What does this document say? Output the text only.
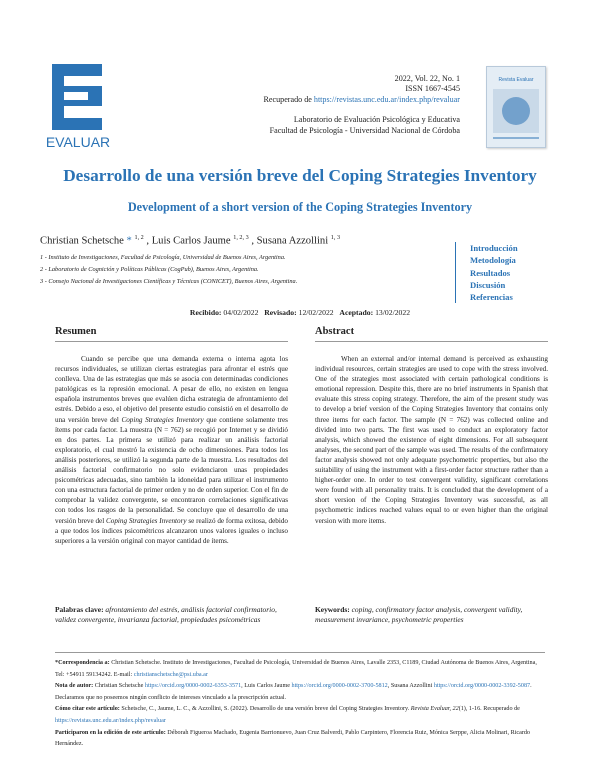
EVALUAR
2022, Vol. 22, No. 1
ISSN 1667-4545
Recuperado de https://revistas.unc.edu.ar/index.php/revaluar
Laboratorio de Evaluación Psicológica y Educativa
Facultad de Psicología - Universidad Nacional de Córdoba
Revista Evaluar
Desarrollo de una versión breve del Coping Strategies Inventory
Development of a short version of the Coping Strategies Inventory
Christian Schetsche * $^{1, 2}$ , Luis Carlos Jaume $^{1, 2, 3}$ , Susana Azzollini $^{1, 3}$
1 - Instituto de Investigaciones, Facultad de Psicología, Universidad de Buenos Aires, Argentina.
2 - Laboratorio de Cognición y Políticas Públicas (CogPub), Buenos Aires, Argentina.
3 - Consejo Nacional de Investigaciones Científicas y Técnicas (CONICET), Buenos Aires, Argentina.
Introducción
Metodología
Resultados
Discusión
Referencias
Recibido: 04/02/2022 Revisado: 12/02/2022 Aceptado: 13/02/2022
Resumen

Cuando se percibe que una demanda externa o interna agota los recursos individuales, se utilizan ciertas estrategias para afrontar el estrés que conlleva. Una de las estrategias que más se asocia con determinadas condiciones patológicas es la represión emocional. A pesar de ello, no existen en lengua española instrumentos breves que evalúen dicha estrategia de afrontamiento del estrés. Debido a eso, el objetivo del presente estudio consistió en el desarrollo de una versión breve del Coping Strategies Inventory que contiene solamente tres ítems por cada factor. La muestra (N = 762) se recogió por Internet y se dividió en dos partes. La primera se utilizó para realizar un análisis factorial exploratorio, el cual mostró la existencia de ocho dimensiones. Para todos los análisis posteriores, se utilizó la segunda parte de la muestra. Los resultados del análisis factorial confirmatorio no solo evidenciaron unas propiedades psicométricas adecuadas, sino también la idoneidad para utilizar el instrumento con una estructura factorial de primer orden y no de orden superior. Con el fin de comprobar la validez convergente, se encontraron correlaciones significativas con todos los rasgos de la personalidad. Se concluye que el desarrollo de una versión breve del Coping Strategies Inventory se realizó de forma exitosa, debido a que todos los índices psicométricos alcanzaron unos valores iguales o incluso superiores a la versión original con mayor cantidad de ítems.

Palabras clave: afrontamiento del estrés, análisis factorial confirmatorio, validez convergente, invarianza factorial, propiedades psicométricas
Abstract

When an external and/or internal demand is perceived as exhausting individual resources, certain strategies are used to cope with the stress involved. One of the strategies most associated with certain pathological conditions is emotional repression. Despite this, there are no brief instruments in Spanish that evaluate this stress coping strategy. Therefore, the aim of the present study was to develop a brief version of the Coping Strategies Inventory that contains only three items for each factor. The sample (N = 762) was collected online and divided into two parts. The first was used to conduct an exploratory factor analysis, which showed the existence of eight dimensions. For all subsequent analyses, the second part of the sample was used. The results of the confirmatory factor analysis showed not only adequate psychometric properties, but also the suitability of using the instrument with a first-order factor structure rather than a higher-order one. In order to test convergent validity, significant correlations were found with all personality traits. It is concluded that the development of a short version of the Coping Strategies Inventory was successful, as all psychometric indices reached values equal to or even higher than the original version with more items.

Keywords: coping, confirmatory factor analysis, convergent validity, measurement invariance, psychometric properties

*Correspondencia a: Christian Schetsche. Instituto de Investigaciones, Facultad de Psicología, Universidad de Buenos Aires, Lavalle 2353, C1189, Ciudad Autónoma de Buenos Aires, Argentina, Tel: +54911 59134242. E-mail: christianschetsche@psi.uba.ar

Nota de autor: Christian Schetsche https://orcid.org/0000-0002-6353-3571, Luis Carlos Jaume https://orcid.org/0000-0002-3700-5812, Susana Azzollini https://orcid.org/0000-0002-3392-5087. Declaramos que no poseemos ningún conflicto de intereses vinculado a la prescripción actual.

Cómo citar este artículo: Schetsche, C., Jaume, L. C., & Azzollini, S. (2022). Desarrollo de una versión breve del Coping Strategies Inventory. Revista Evaluar, 22(1), 1-16. Recuperado de https://revistas.unc.edu.ar/index.php/revaluar

Participaron en la edición de este artículo: Déborah Figueroa Machado, Eugenia Barrionuevo, Juan Cruz Balverdi, Pablo Carpintero, Florencia Ruiz, Mónica Serppe, Alicia Molinari, Ricardo Hernández.
